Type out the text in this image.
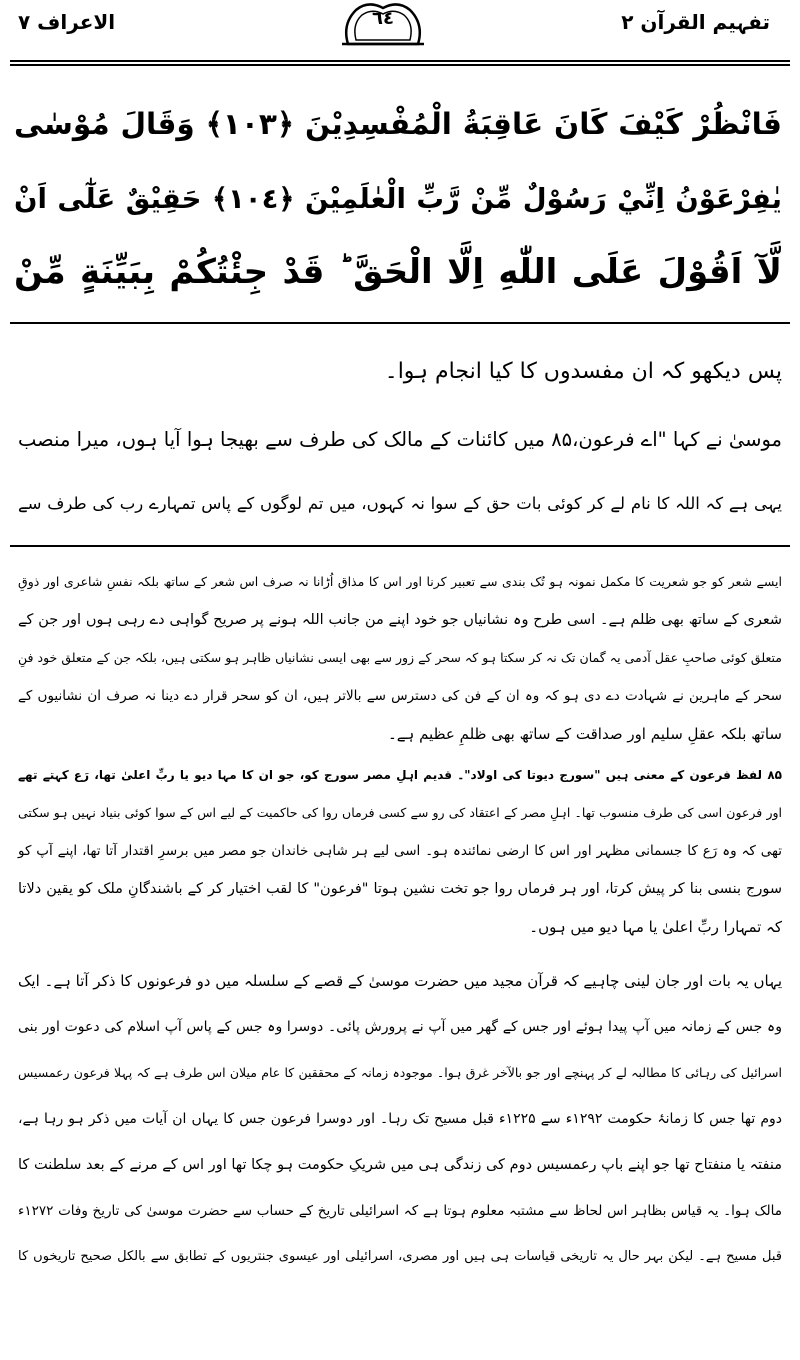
الاعراف ۷	٦٤	تفہیم القرآن ۲
فَانْظُرْ كَيْفَ كَانَ عَاقِبَةُ الْمُفْسِدِيْنَ ﴿١٠٣﴾ وَقَالَ مُوْسٰى
يٰفِرْعَوْنُ اِنِّيْ رَسُوْلٌ مِّنْ رَّبِّ الْعٰلَمِيْنَ ﴿١٠٤﴾ حَقِيْقٌ عَلٰٓى اَنْ
لَّآ اَقُوْلَ عَلَى اللّٰهِ اِلَّا الْحَقَّ ؕ قَدْ جِئْتُكُمْ بِبَيِّنَةٍ مِّنْ
پس دیکھو کہ ان مفسدوں کا کیا انجام ہوا۔
موسیٰ نے کہا "اے فرعون،۸۵ میں کائنات کے مالک کی طرف سے بھیجا ہوا آیا ہوں، میرا منصب
یہی ہے کہ اللہ کا نام لے کر کوئی بات حق کے سوا نہ کہوں، میں تم لوگوں کے پاس تمہارے رب کی طرف سے
ایسے شعر کو جو شعریت کا مکمل نمونہ ہو تُک بندی سے تعبیر کرنا اور اس کا مذاق اُڑانا نہ صرف اس شعر کے ساتھ بلکہ نفسِ شاعری اور ذوقِ
شعری کے ساتھ بھی ظلم ہے۔ اسی طرح وہ نشانیاں جو خود اپنے من جانب اللہ ہونے پر صریح گواہی دے رہی ہوں اور جن کے
متعلق کوئی صاحبِ عقل آدمی یہ گمان تک نہ کر سکتا ہو کہ سحر کے زور سے بھی ایسی نشانیاں ظاہر ہو سکتی ہیں، بلکہ جن کے متعلق خود فنِ
سحر کے ماہرین نے شہادت دے دی ہو کہ وہ ان کے فن کی دسترس سے بالاتر ہیں، ان کو سحر قرار دے دینا نہ صرف ان نشانیوں کے
ساتھ بلکہ عقلِ سلیم اور صداقت کے ساتھ بھی ظلمِ عظیم ہے۔
۸۵ لفظ فرعون کے معنی ہیں "سورج دیوتا کی اولاد"۔ قدیم اہلِ مصر سورج کو، جو ان کا مہا دیو یا ربِّ اعلیٰ تھا، رَع کہتے تھے
اور فرعون اسی کی طرف منسوب تھا۔ اہلِ مصر کے اعتقاد کی رو سے کسی فرماں روا کی حاکمیت کے لیے اس کے سوا کوئی بنیاد نہیں ہو سکتی
تھی کہ وہ رَع کا جسمانی مظہر اور اس کا ارضی نمائندہ ہو۔ اسی لیے ہر شاہی خاندان جو مصر میں برسرِ اقتدار آتا تھا، اپنے آپ کو
سورج بنسی بنا کر پیش کرتا، اور ہر فرماں روا جو تخت نشین ہوتا "فرعون" کا لقب اختیار کر کے باشندگانِ ملک کو یقین دلاتا
کہ تمہارا ربِّ اعلیٰ یا مہا دیو میں ہوں۔
یہاں یہ بات اور جان لینی چاہیے کہ قرآن مجید میں حضرت موسیٰ کے قصے کے سلسلہ میں دو فرعونوں کا ذکر آتا ہے۔ ایک
وہ جس کے زمانہ میں آپ پیدا ہوئے اور جس کے گھر میں آپ نے پرورش پائی۔ دوسرا وہ جس کے پاس آپ اسلام کی دعوت اور بنی
اسرائیل کی رہائی کا مطالبہ لے کر پہنچے اور جو بالآخر غرق ہوا۔ موجودہ زمانہ کے محققین کا عام میلان اس طرف ہے کہ پہلا فرعون رعمسیس
دوم تھا جس کا زمانۂ حکومت ۱۲۹۲ء سے ۱۲۲۵ء قبل مسیح تک رہا۔ اور دوسرا فرعون جس کا یہاں ان آیات میں ذکر ہو رہا ہے،
منفتہ یا منفتاح تھا جو اپنے باپ رعمسیس دوم کی زندگی ہی میں شریکِ حکومت ہو چکا تھا اور اس کے مرنے کے بعد سلطنت کا
مالک ہوا۔ یہ قیاس بظاہر اس لحاظ سے مشتبہ معلوم ہوتا ہے کہ اسرائیلی تاریخ کے حساب سے حضرت موسیٰ کی تاریخ وفات ۱۲۷۲ء
قبل مسیح ہے۔ لیکن بہر حال یہ تاریخی قیاسات ہی ہیں اور مصری، اسرائیلی اور عیسوی جنتریوں کے تطابق سے بالکل صحیح تاریخوں کا
